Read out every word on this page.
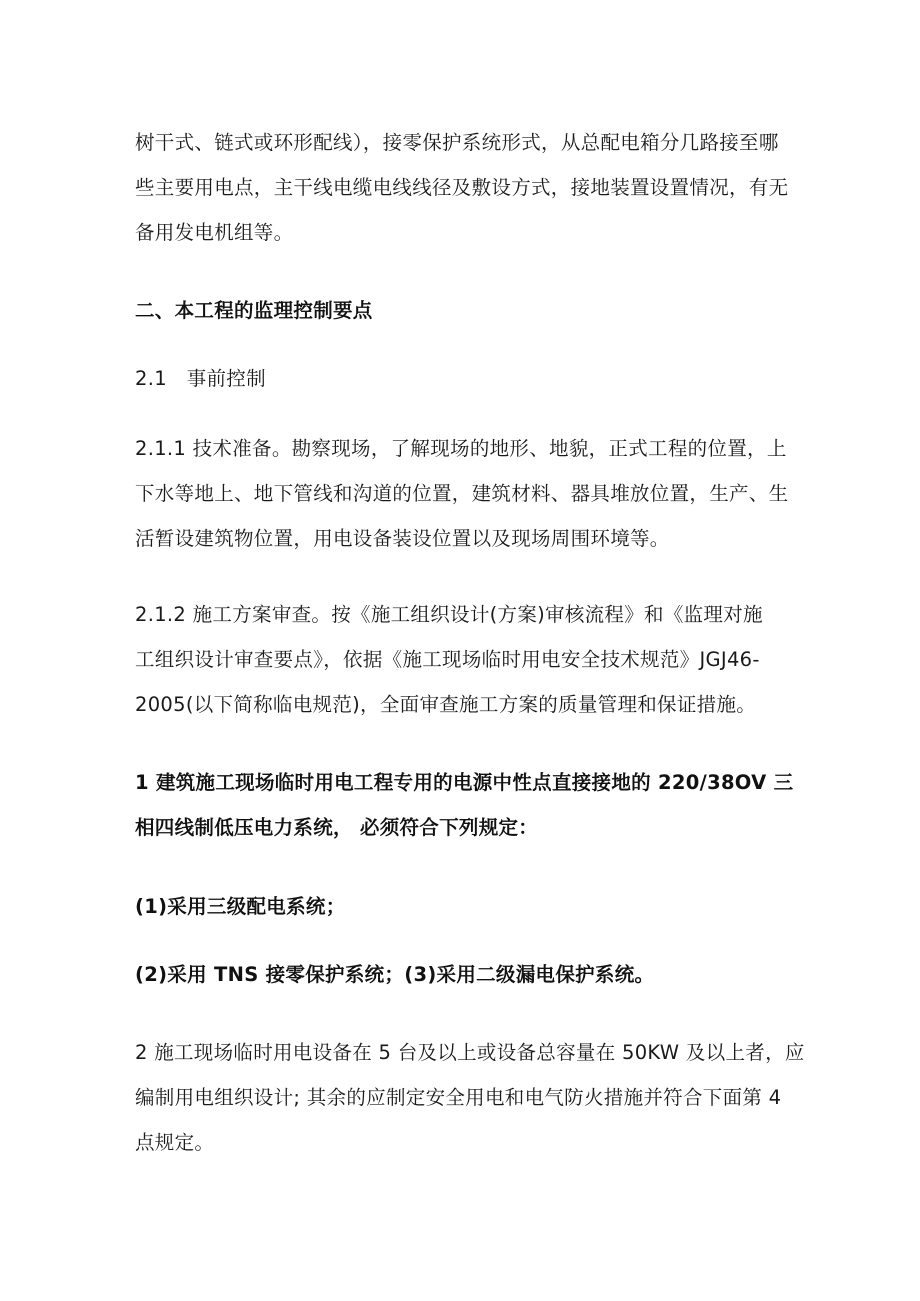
树干式、链式或环形配线），接零保护系统形式，从总配电箱分几路接至哪
些主要用电点，主干线电缆电线线径及敷设方式，接地装置设置情况，有无
备用发电机组等。

二、本工程的监理控制要点

2.1　事前控制

2.1.1 技术准备。勘察现场，了解现场的地形、地貌，正式工程的位置，上
下水等地上、地下管线和沟道的位置，建筑材料、器具堆放位置，生产、生
活暂设建筑物位置，用电设备装设位置以及现场周围环境等。

2.1.2 施工方案审查。按《施工组织设计(方案)审核流程》和《监理对施
工组织设计审查要点》，依据《施工现场临时用电安全技术规范》JGJ46-
2005(以下简称临电规范)，全面审查施工方案的质量管理和保证措施。

1 建筑施工现场临时用电工程专用的电源中性点直接接地的 220/38OV 三
相四线制低压电力系统， 必须符合下列规定：

(1)采用三级配电系统；

(2)采用 TNS 接零保护系统；(3)采用二级漏电保护系统。

2 施工现场临时用电设备在 5 台及以上或设备总容量在 50KW 及以上者，应
编制用电组织设计; 其余的应制定安全用电和电气防火措施并符合下面第 4
点规定。
